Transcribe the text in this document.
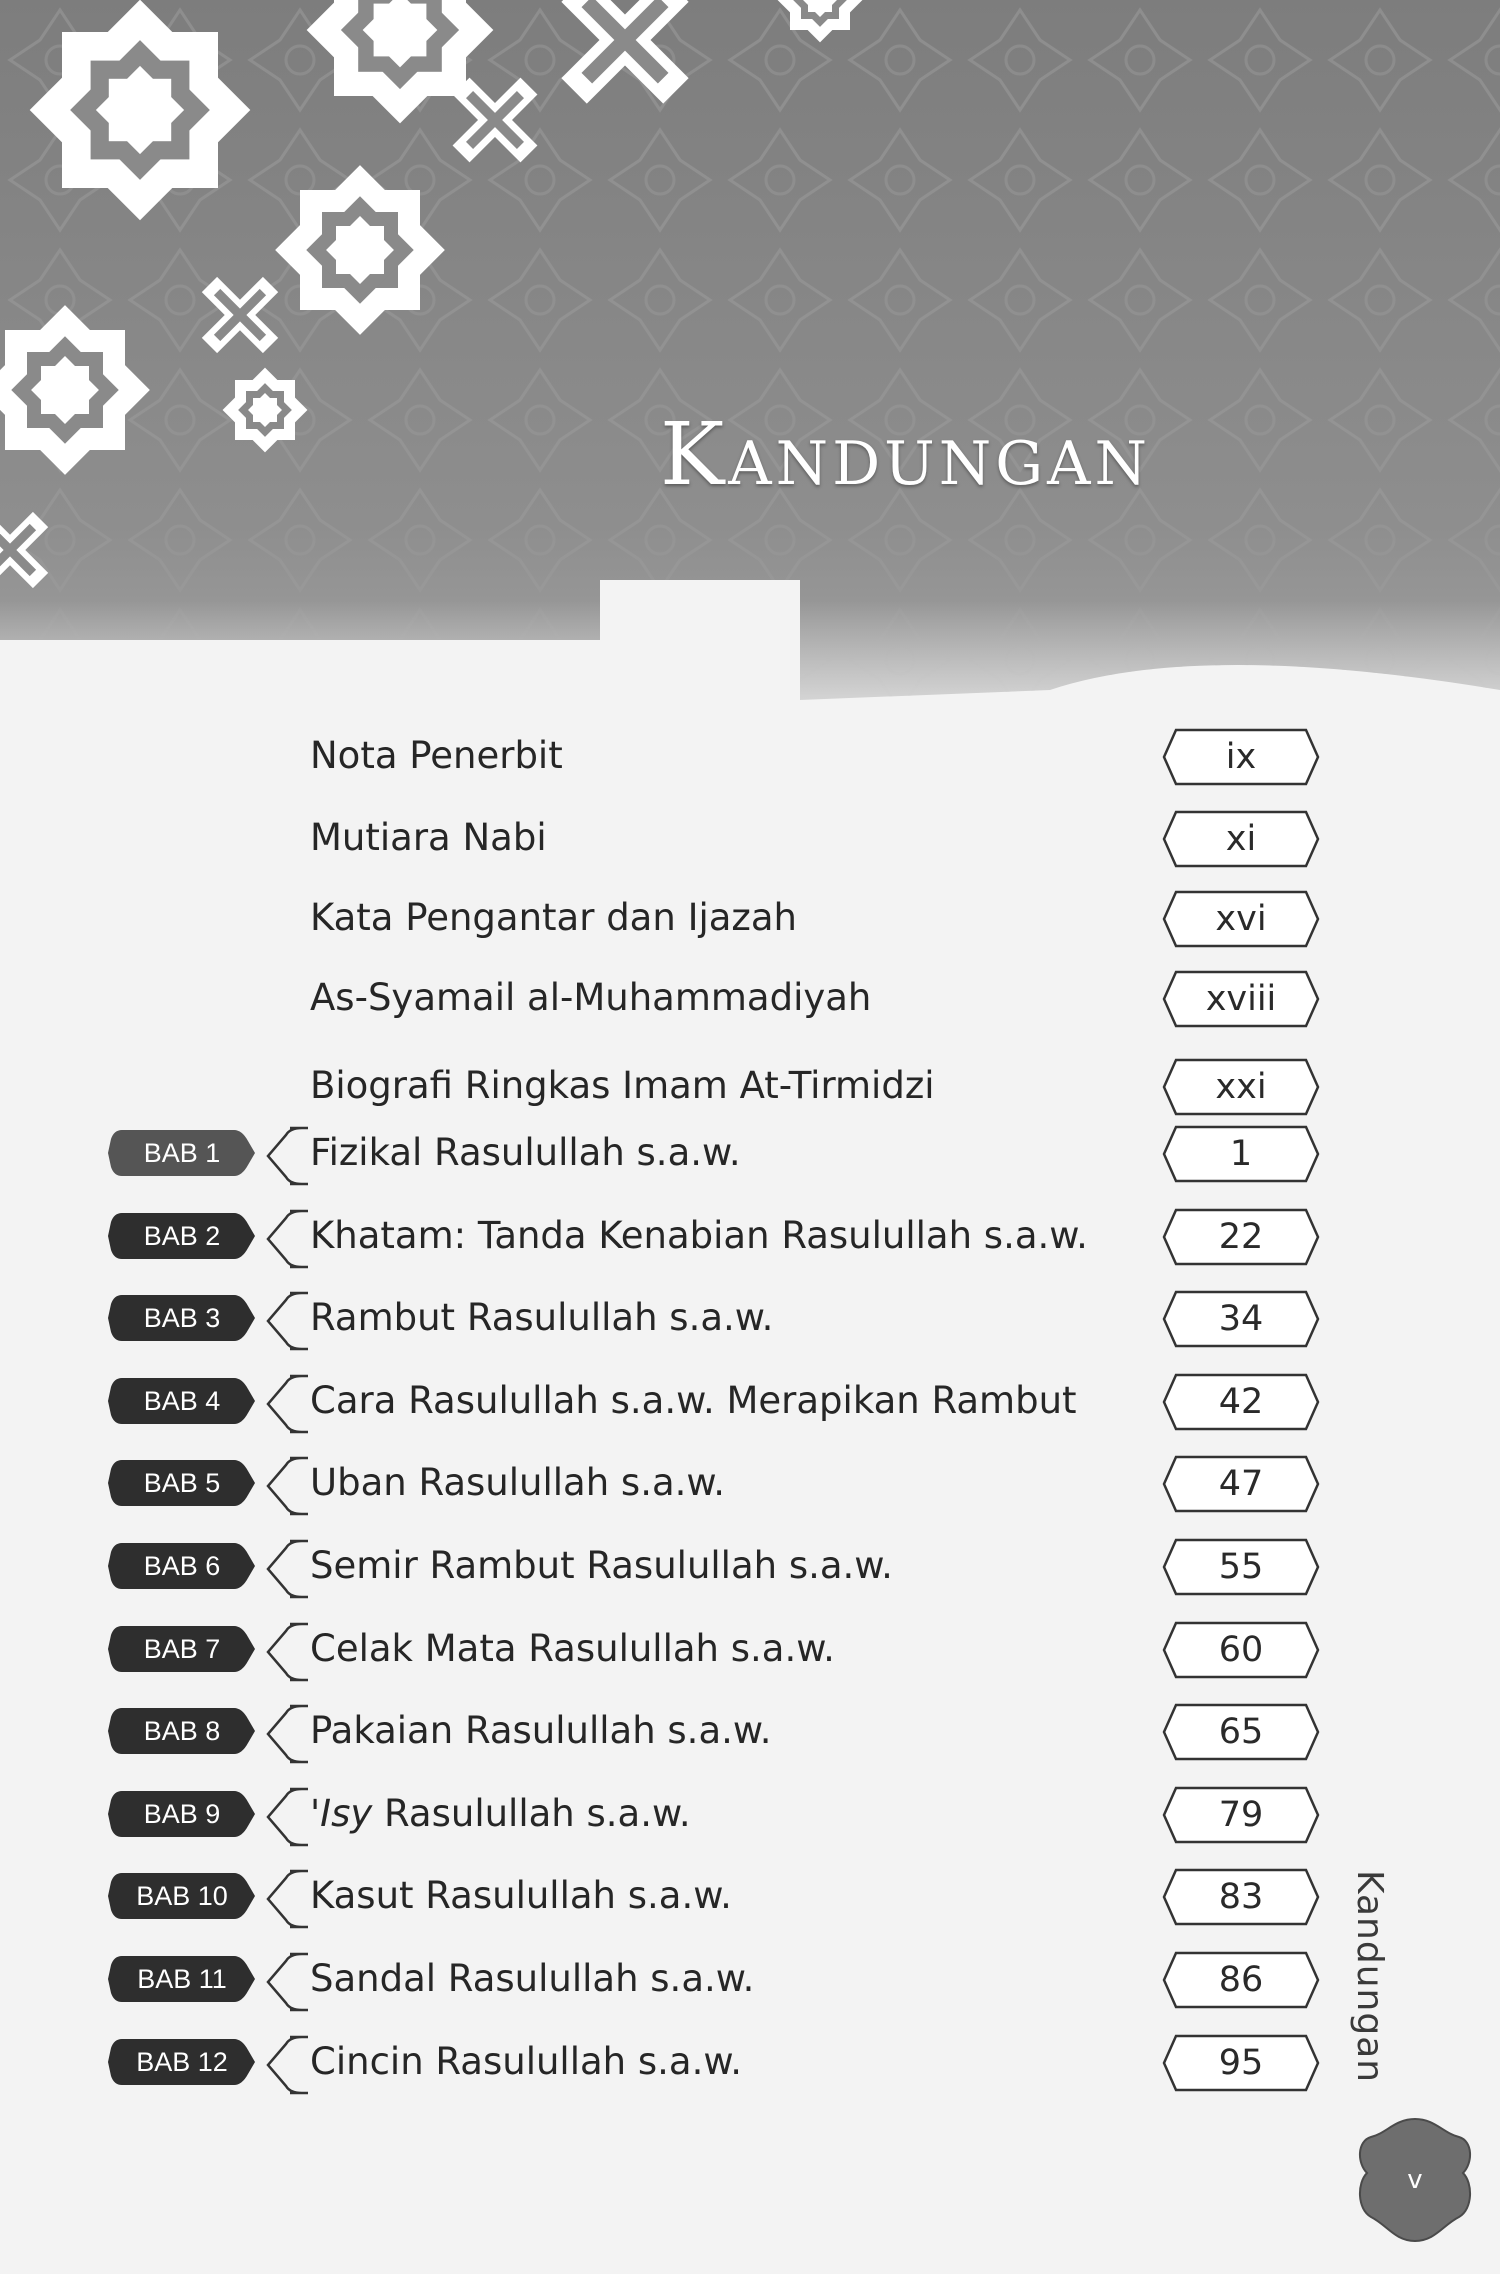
Kandungan
Nota Penerbit	ix
Mutiara Nabi	xi
Kata Pengantar dan Ijazah	xvi
As-Syamail al-Muhammadiyah	xviii
Biografi Ringkas Imam At-Tirmidzi	xxi
BAB 1	Fizikal Rasulullah s.a.w.	1
BAB 2	Khatam: Tanda Kenabian Rasulullah s.a.w.	22
BAB 3	Rambut Rasulullah s.a.w.	34
BAB 4	Cara Rasulullah s.a.w. Merapikan Rambut	42
BAB 5	Uban Rasulullah s.a.w.	47
BAB 6	Semir Rambut Rasulullah s.a.w.	55
BAB 7	Celak Mata Rasulullah s.a.w.	60
BAB 8	Pakaian Rasulullah s.a.w.	65
BAB 9	'Isy Rasulullah s.a.w.	79
BAB 10	Kasut Rasulullah s.a.w.	83
BAB 11	Sandal Rasulullah s.a.w.	86
BAB 12	Cincin Rasulullah s.a.w.	95	Kandungan
v
